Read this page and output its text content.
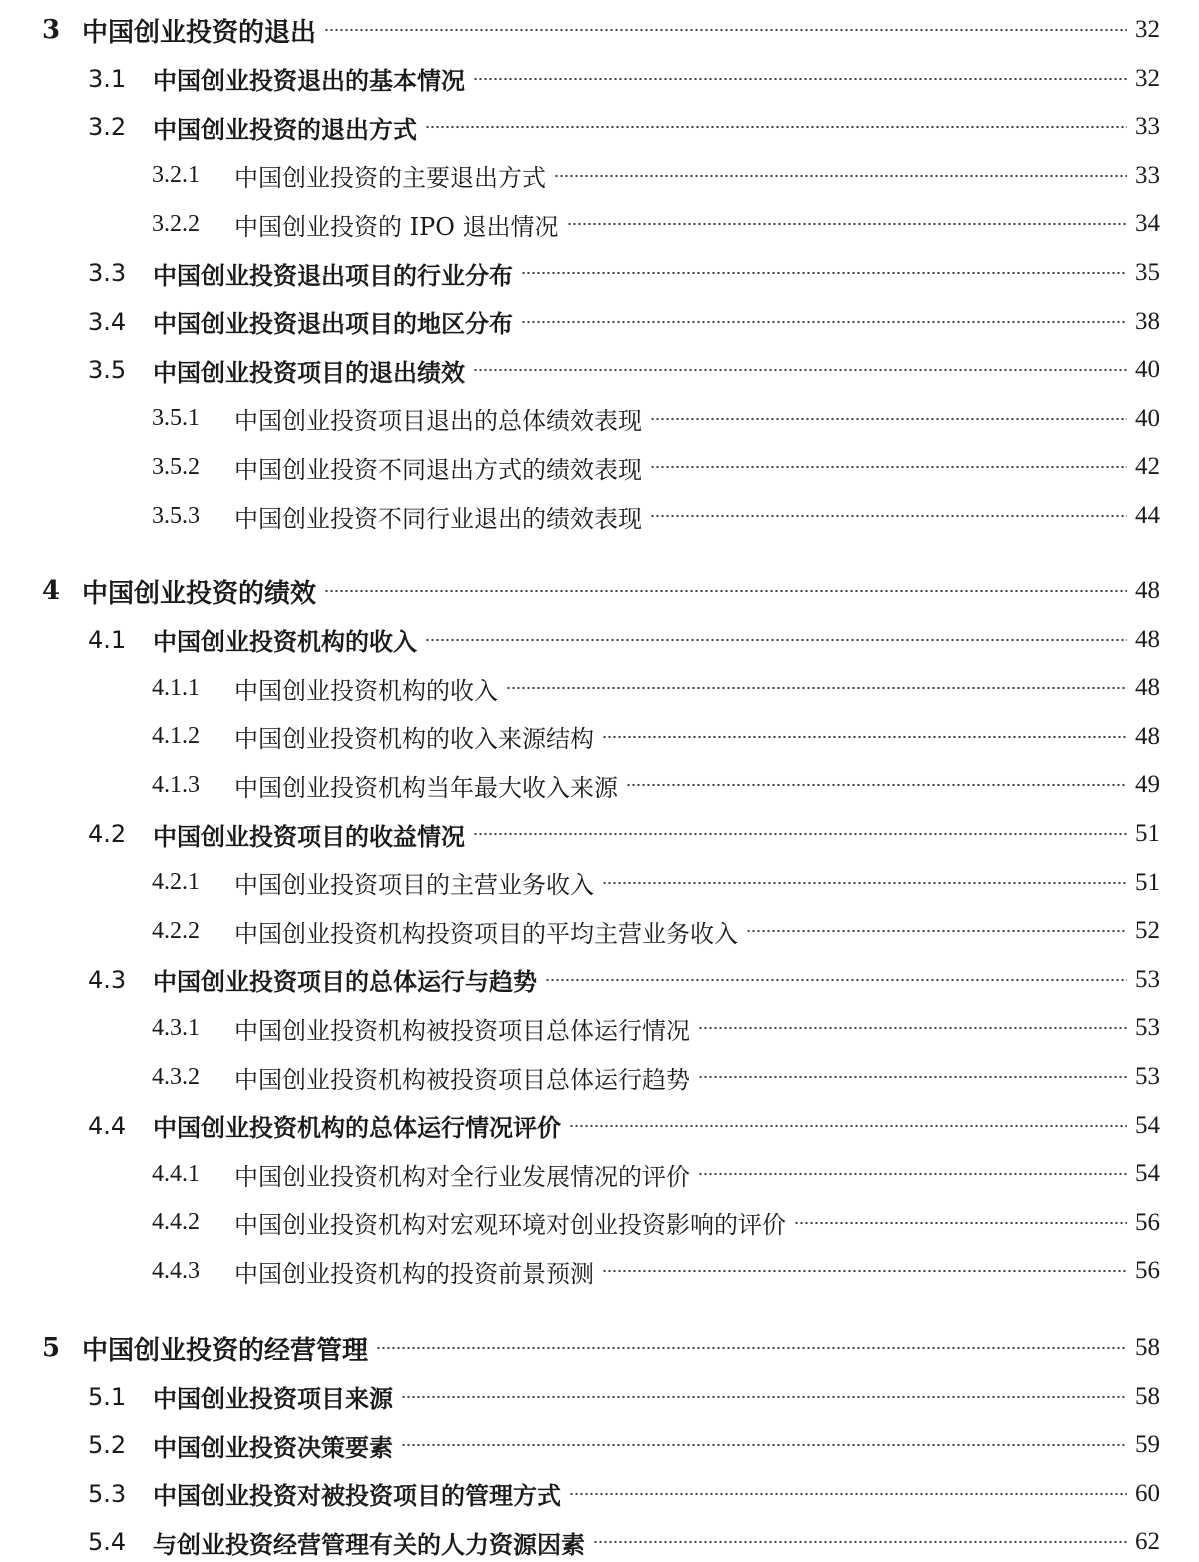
3 中国创业投资的退出	32
3.1	中国创业投资退出的基本情况	32
3.2	中国创业投资的退出方式	33
3.2.1	中国创业投资的主要退出方式	33
3.2.2	中国创业投资的 IPO 退出情况	34
3.3	中国创业投资退出项目的行业分布	35
3.4	中国创业投资退出项目的地区分布	38
3.5	中国创业投资项目的退出绩效	40
3.5.1	中国创业投资项目退出的总体绩效表现	40
3.5.2	中国创业投资不同退出方式的绩效表现	42
3.5.3	中国创业投资不同行业退出的绩效表现	44
4 中国创业投资的绩效	48
4.1	中国创业投资机构的收入	48
4.1.1	中国创业投资机构的收入	48
4.1.2	中国创业投资机构的收入来源结构	48
4.1.3	中国创业投资机构当年最大收入来源	49
4.2	中国创业投资项目的收益情况	51
4.2.1	中国创业投资项目的主营业务收入	51
4.2.2	中国创业投资机构投资项目的平均主营业务收入	52
4.3	中国创业投资项目的总体运行与趋势	53
4.3.1	中国创业投资机构被投资项目总体运行情况	53
4.3.2	中国创业投资机构被投资项目总体运行趋势	53
4.4	中国创业投资机构的总体运行情况评价	54
4.4.1	中国创业投资机构对全行业发展情况的评价	54
4.4.2	中国创业投资机构对宏观环境对创业投资影响的评价	56
4.4.3	中国创业投资机构的投资前景预测	56
5 中国创业投资的经营管理	58
5.1	中国创业投资项目来源	58
5.2	中国创业投资决策要素	59
5.3	中国创业投资对被投资项目的管理方式	60
5.4	与创业投资经营管理有关的人力资源因素	62
